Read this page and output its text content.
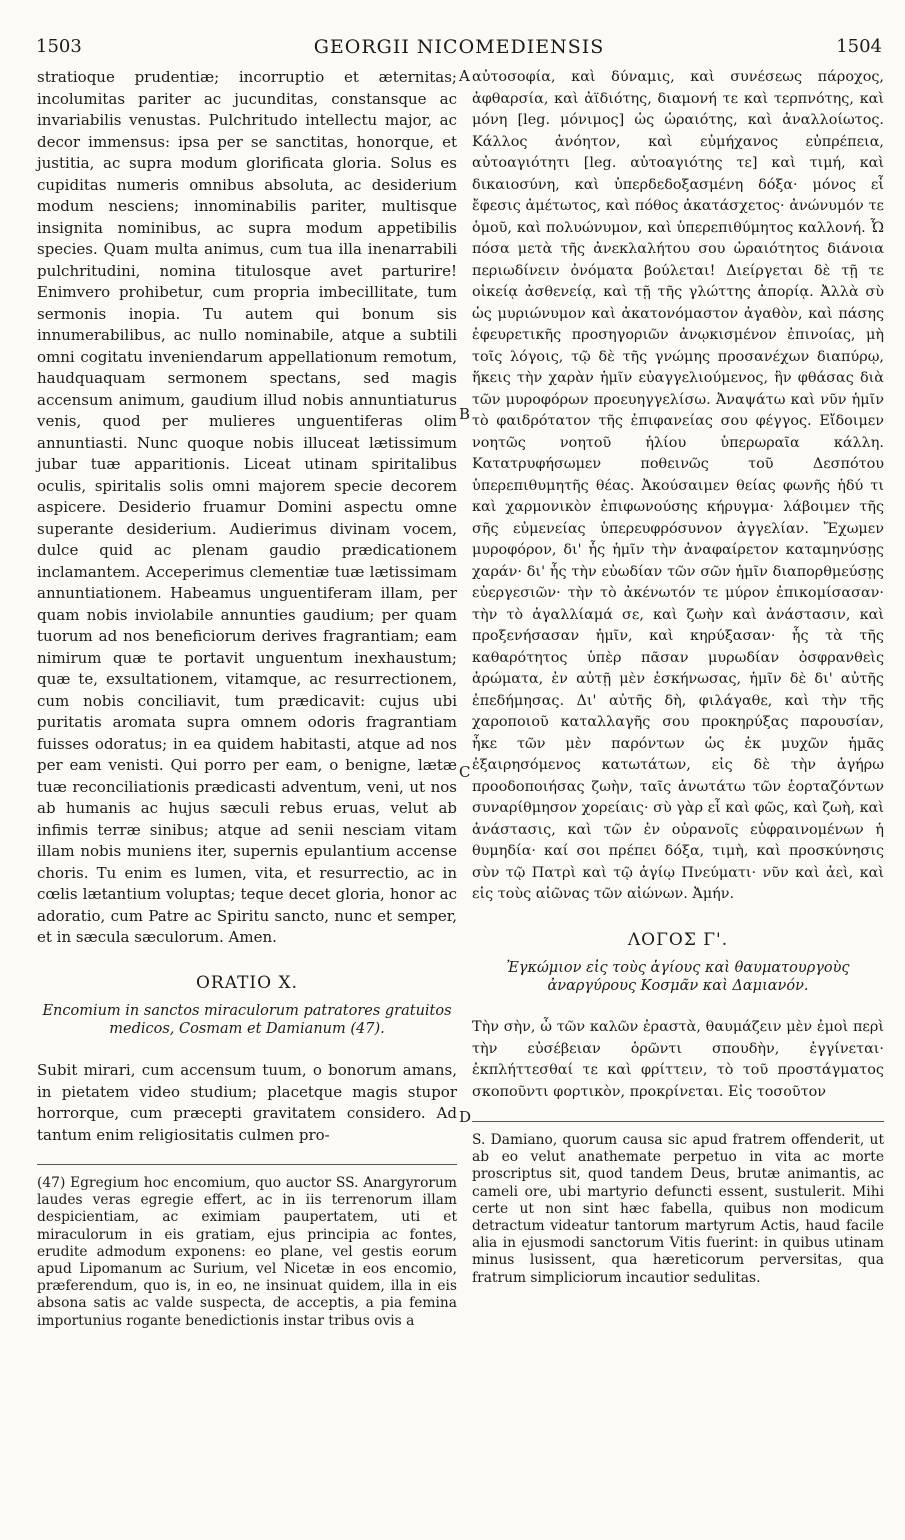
1503	GEORGII NICOMEDIENSIS	1504
A
B
C
D

stratioque prudentiæ; incorruptio et æternitas; incolumitas pariter ac jucunditas, constansque ac invariabilis venustas. Pulchritudo intellectu major, ac decor immensus: ipsa per se sanctitas, honorque, et justitia, ac supra modum glorificata gloria. Solus es cupiditas numeris omnibus absoluta, ac desiderium modum nesciens; innominabilis pariter, multisque insignita nominibus, ac supra modum appetibilis species. Quam multa animus, cum tua illa inenarrabili pulchritudini, nomina titulosque avet parturire! Enimvero prohibetur, cum propria imbecillitate, tum sermonis inopia. Tu autem qui bonum sis innumerabilibus, ac nullo nominabile, atque a subtili omni cogitatu inveniendarum appellationum remotum, haudquaquam sermonem spectans, sed magis accensum animum, gaudium illud nobis annuntiaturus venis, quod per mulieres unguentiferas olim annuntiasti. Nunc quoque nobis illuceat lætissimum jubar tuæ apparitionis. Liceat utinam spiritalibus oculis, spiritalis solis omni majorem specie decorem aspicere. Desiderio fruamur Domini aspectu omne superante desiderium. Audierimus divinam vocem, dulce quid ac plenam gaudio prædicationem inclamantem. Acceperimus clementiæ tuæ lætissimam annuntiationem. Habeamus unguentiferam illam, per quam nobis inviolabile annunties gaudium; per quam tuorum ad nos beneficiorum derives fragrantiam; eam nimirum quæ te portavit unguentum inexhaustum; quæ te, exsultationem, vitamque, ac resurrectionem, cum nobis conciliavit, tum prædicavit: cujus ubi puritatis aromata supra omnem odoris fragrantiam fuisses odoratus; in ea quidem habitasti, atque ad nos per eam venisti. Qui porro per eam, o benigne, lætæ tuæ reconciliationis prædicasti adventum, veni, ut nos ab humanis ac hujus sæculi rebus eruas, velut ab infimis terræ sinibus; atque ad senii nesciam vitam illam nobis muniens iter, supernis epulantium accense choris. Tu enim es lumen, vita, et resurrectio, ac in cœlis lætantium voluptas; teque decet gloria, honor ac adoratio, cum Patre ac Spiritu sancto, nunc et semper, et in sæcula sæculorum. Amen.

ORATIO X.
Encomium in sanctos miraculorum patratores gratuitos medicos, Cosmam et Damianum (47).

Subit mirari, cum accensum tuum, o bonorum amans, in pietatem video studium; placetque magis stupor horrorque, cum præcepti gravitatem considero. Ad tantum enim religiositatis culmen pro-

(47) Egregium hoc encomium, quo auctor SS. Anargyrorum laudes veras egregie effert, ac in iis terrenorum illam despicientiam, ac eximiam paupertatem, uti et miraculorum in eis gratiam, ejus principia ac fontes, erudite admodum exponens: eo plane, vel gestis eorum apud Lipomanum ac Surium, vel Nicetæ in eos encomio, præferendum, quo is, in eo, ne insinuat quidem, illa in eis absona satis ac valde suspecta, de acceptis, a pia femina importunius rogante benedictionis instar tribus ovis a

αὐτοσοφία, καὶ δύναμις, καὶ συνέσεως πάροχος, ἀφθαρσία, καὶ ἀϊδιότης, διαμονή τε καὶ τερπνότης, καὶ μόνη [leg. μόνιμος] ὡς ὡραιότης, καὶ ἀναλλοίωτος. Κάλλος ἀνόητον, καὶ εὐμήχανος εὐπρέπεια, αὐτοαγιότητι [leg. αὐτοαγιότης τε] καὶ τιμή, καὶ δικαιοσύνη, καὶ ὑπερδεδοξασμένη δόξα· μόνος εἶ ἔφεσις ἀμέτωτος, καὶ πόθος ἀκατάσχετος· ἀνώνυμόν τε ὁμοῦ, καὶ πολυώνυμον, καὶ ὑπερεπιθύμητος καλλονή. Ὦ πόσα μετὰ τῆς ἀνεκλαλήτου σου ὡραιότητος διάνοια περιωδίνειν ὀνόματα βούλεται! Διείργεται δὲ τῇ τε οἰκείᾳ ἀσθενείᾳ, καὶ τῇ τῆς γλώττης ἀπορίᾳ. Ἀλλὰ σὺ ὡς μυριώνυμον καὶ ἀκατονόμαστον ἀγαθὸν, καὶ πάσης ἐφευρετικῆς προσηγοριῶν ἀνῳκισμένον ἐπινοίας, μὴ τοῖς λόγοις, τῷ δὲ τῆς γνώμης προσανέχων διαπύρῳ, ἥκεις τὴν χαρὰν ἡμῖν εὐαγγελιούμενος, ἣν φθάσας διὰ τῶν μυροφόρων προευηγγελίσω. Ἀναψάτω καὶ νῦν ἡμῖν τὸ φαιδρότατον τῆς ἐπιφανείας σου φέγγος. Εἴδοιμεν νοητῶς νοητοῦ ἡλίου ὑπερωραῖα κάλλη. Κατατρυφήσωμεν ποθεινῶς τοῦ Δεσπότου ὑπερεπιθυμητῆς θέας. Ἀκούσαιμεν θείας φωνῆς ἡδύ τι καὶ χαρμονικὸν ἐπιφωνούσης κήρυγμα· λάβοιμεν τῆς σῆς εὐμενείας ὑπερευφρόσυνον ἀγγελίαν. Ἔχωμεν μυροφόρον, δι' ἧς ἡμῖν τὴν ἀναφαίρετον καταμηνύσῃς χαράν· δι' ἧς τὴν εὐωδίαν τῶν σῶν ἡμῖν διαπορθμεύσῃς εὐεργεσιῶν· τὴν τὸ ἀκένωτόν τε μύρον ἐπικομίσασαν· τὴν τὸ ἀγαλλίαμά σε, καὶ ζωὴν καὶ ἀνάστασιν, καὶ προξενήσασαν ἡμῖν, καὶ κηρύξασαν· ἧς τὰ τῆς καθαρότητος ὑπὲρ πᾶσαν μυρωδίαν ὀσφρανθεὶς ἀρώματα, ἐν αὐτῇ μὲν ἐσκήνωσας, ἡμῖν δὲ δι' αὐτῆς ἐπεδήμησας. Δι' αὐτῆς δὴ, φιλάγαθε, καὶ τὴν τῆς χαροποιοῦ καταλλαγῆς σου προκηρύξας παρουσίαν, ἧκε τῶν μὲν παρόντων ὡς ἐκ μυχῶν ἡμᾶς ἐξαιρησόμενος κατωτάτων, εἰς δὲ τὴν ἀγήρω προοδοποιήσας ζωὴν, ταῖς ἀνωτάτω τῶν ἑορταζόντων συναρίθμησον χορείαις· σὺ γὰρ εἶ καὶ φῶς, καὶ ζωὴ, καὶ ἀνάστασις, καὶ τῶν ἐν οὐρανοῖς εὐφραινομένων ἡ θυμηδία· καί σοι πρέπει δόξα, τιμὴ, καὶ προσκύνησις σὺν τῷ Πατρὶ καὶ τῷ ἁγίῳ Πνεύματι· νῦν καὶ ἀεὶ, καὶ εἰς τοὺς αἰῶνας τῶν αἰώνων. Ἀμήν.

ΛΟΓΟΣ Γ'.
Ἐγκώμιον εἰς τοὺς ἁγίους καὶ θαυματουργοὺς ἀναργύρους Κοσμᾶν καὶ Δαμιανόν.

Τὴν σὴν, ὦ τῶν καλῶν ἐραστὰ, θαυμάζειν μὲν ἐμοὶ περὶ τὴν εὐσέβειαν ὁρῶντι σπουδὴν, ἐγγίνεται· ἐκπλήττεσθαί τε καὶ φρίττειν, τὸ τοῦ προστάγματος σκοποῦντι φορτικὸν, προκρίνεται. Εἰς τοσοῦτον

S. Damiano, quorum causa sic apud fratrem offenderit, ut ab eo velut anathemate perpetuo in vita ac morte proscriptus sit, quod tandem Deus, brutæ animantis, ac cameli ore, ubi martyrio defuncti essent, sustulerit. Mihi certe ut non sint hæc fabella, quibus non modicum detractum videatur tantorum martyrum Actis, haud facile alia in ejusmodi sanctorum Vitis fuerint: in quibus utinam minus lusissent, qua hæreticorum perversitas, qua fratrum simpliciorum incautior sedulitas.
